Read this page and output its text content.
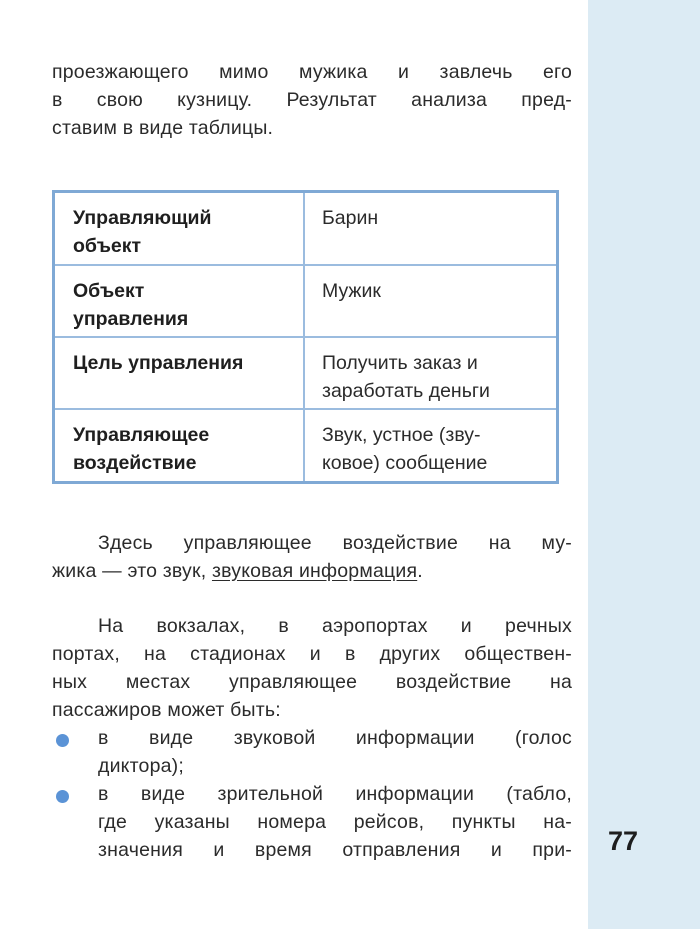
проезжающего мимо мужика и завлечь его
в свою кузницу. Результат анализа пред-
ставим в виде таблицы.
Управляющий
объект	Барин

Объект
управления	Мужик

Цель управления	Получить заказ и
заработать деньги

Управляющее
воздействие	Звук, устное (зву-
ковое) сообщение
Здесь управляющее воздействие на му-
жика — это звук, звуковая информация.
На вокзалах, в аэропортах и речных
портах, на стадионах и в других обществен-
ных местах управляющее воздействие на
пассажиров может быть:
в виде звуковой информации (голос
диктора);
в виде зрительной информации (табло,
где указаны номера рейсов, пункты на-
значения и время отправления и при- 77
